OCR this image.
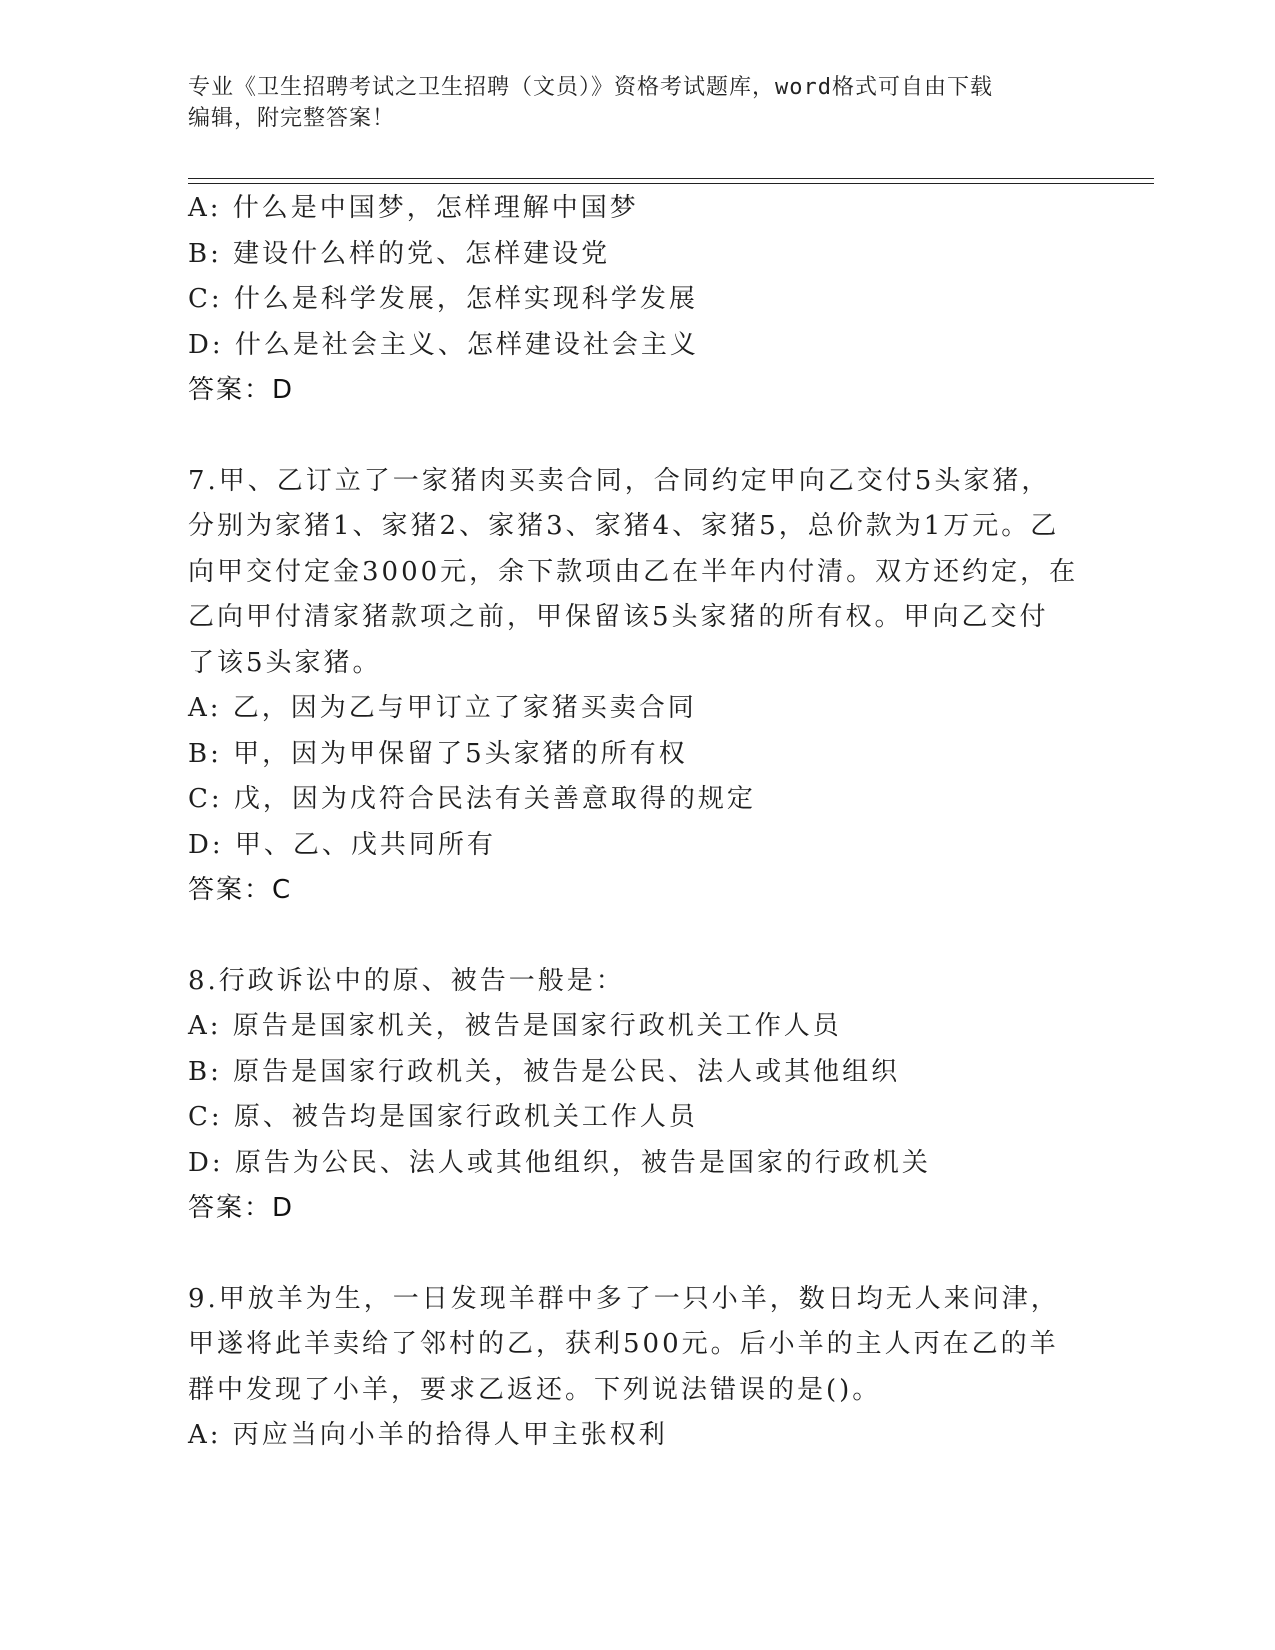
专业《卫生招聘考试之卫生招聘（文员）》资格考试题库，word格式可自由下载
编辑，附完整答案！
A: 什么是中国梦，怎样理解中国梦
B: 建设什么样的党、怎样建设党
C: 什么是科学发展，怎样实现科学发展
D: 什么是社会主义、怎样建设社会主义
答案：D
7.甲、乙订立了一家猪肉买卖合同，合同约定甲向乙交付5头家猪，
分别为家猪1、家猪2、家猪3、家猪4、家猪5，总价款为1万元。乙
向甲交付定金3000元，余下款项由乙在半年内付清。双方还约定，在
乙向甲付清家猪款项之前，甲保留该5头家猪的所有权。甲向乙交付
了该5头家猪。
A: 乙，因为乙与甲订立了家猪买卖合同
B: 甲，因为甲保留了5头家猪的所有权
C: 戊，因为戊符合民法有关善意取得的规定
D: 甲、乙、戊共同所有
答案：C
8.行政诉讼中的原、被告一般是：
A: 原告是国家机关，被告是国家行政机关工作人员
B: 原告是国家行政机关，被告是公民、法人或其他组织
C: 原、被告均是国家行政机关工作人员
D: 原告为公民、法人或其他组织，被告是国家的行政机关
答案：D
9.甲放羊为生，一日发现羊群中多了一只小羊，数日均无人来问津，
甲遂将此羊卖给了邻村的乙，获利500元。后小羊的主人丙在乙的羊
群中发现了小羊，要求乙返还。下列说法错误的是()。
A: 丙应当向小羊的拾得人甲主张权利
